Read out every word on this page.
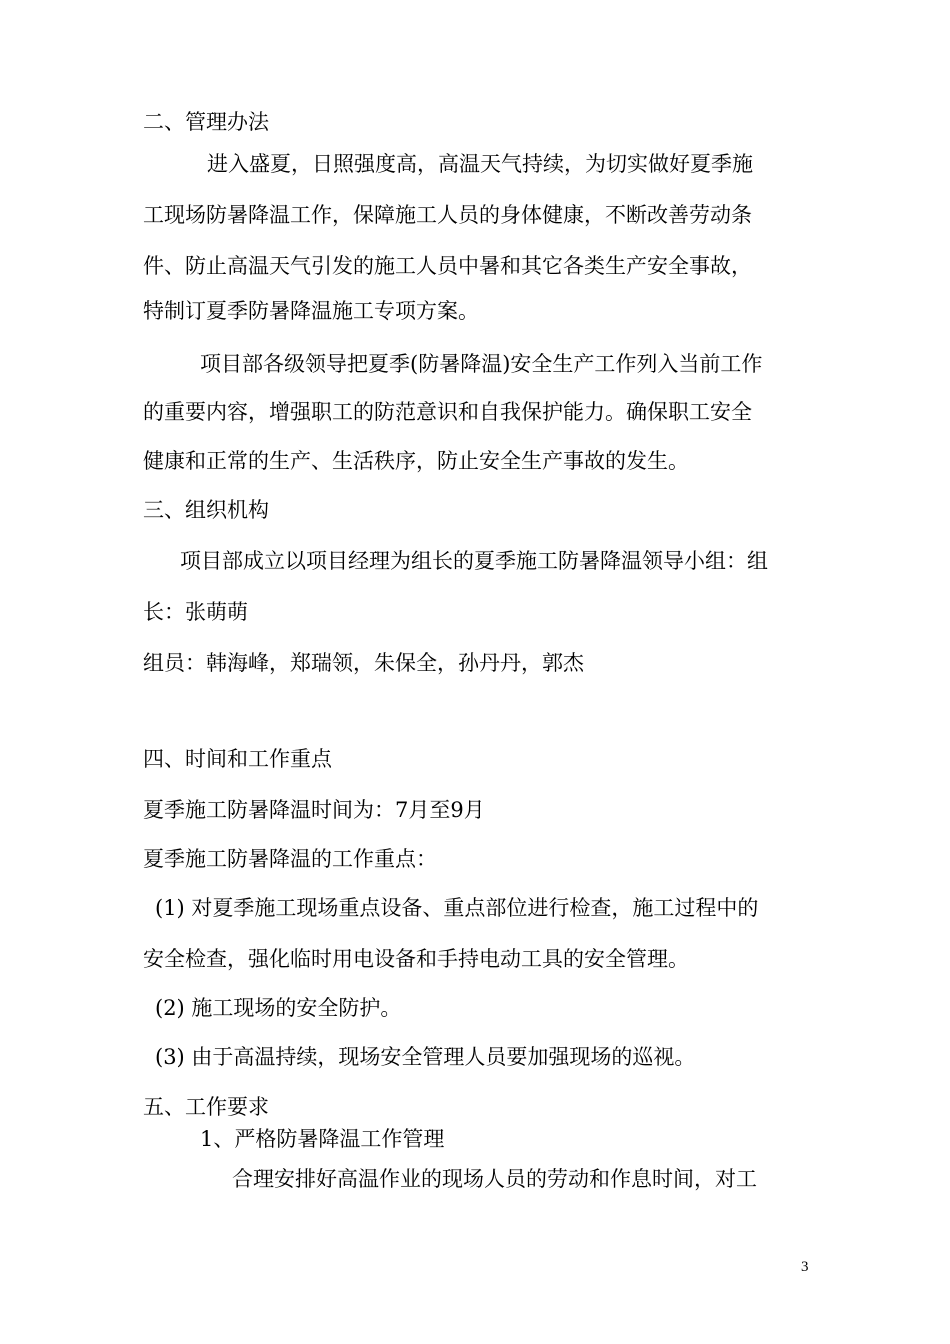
二、管理办法
进入盛夏，日照强度高，高温天气持续，为切实做好夏季施
工现场防暑降温工作，保障施工人员的身体健康，不断改善劳动条
件、防止高温天气引发的施工人员中暑和其它各类生产安全事故，
特制订夏季防暑降温施工专项方案。
项目部各级领导把夏季(防暑降温)安全生产工作列入当前工作
的重要内容，增强职工的防范意识和自我保护能力。确保职工安全
健康和正常的生产、生活秩序，防止安全生产事故的发生。
三、组织机构
项目部成立以项目经理为组长的夏季施工防暑降温领导小组：组
长：张萌萌
组员：韩海峰，郑瑞领，朱保全，孙丹丹，郭杰
四、时间和工作重点
夏季施工防暑降温时间为：7月至9月
夏季施工防暑降温的工作重点：
(1) 对夏季施工现场重点设备、重点部位进行检查，施工过程中的
安全检查，强化临时用电设备和手持电动工具的安全管理。
(2) 施工现场的安全防护。
(3) 由于高温持续，现场安全管理人员要加强现场的巡视。
五、工作要求
1、严格防暑降温工作管理
合理安排好高温作业的现场人员的劳动和作息时间，对工
3
